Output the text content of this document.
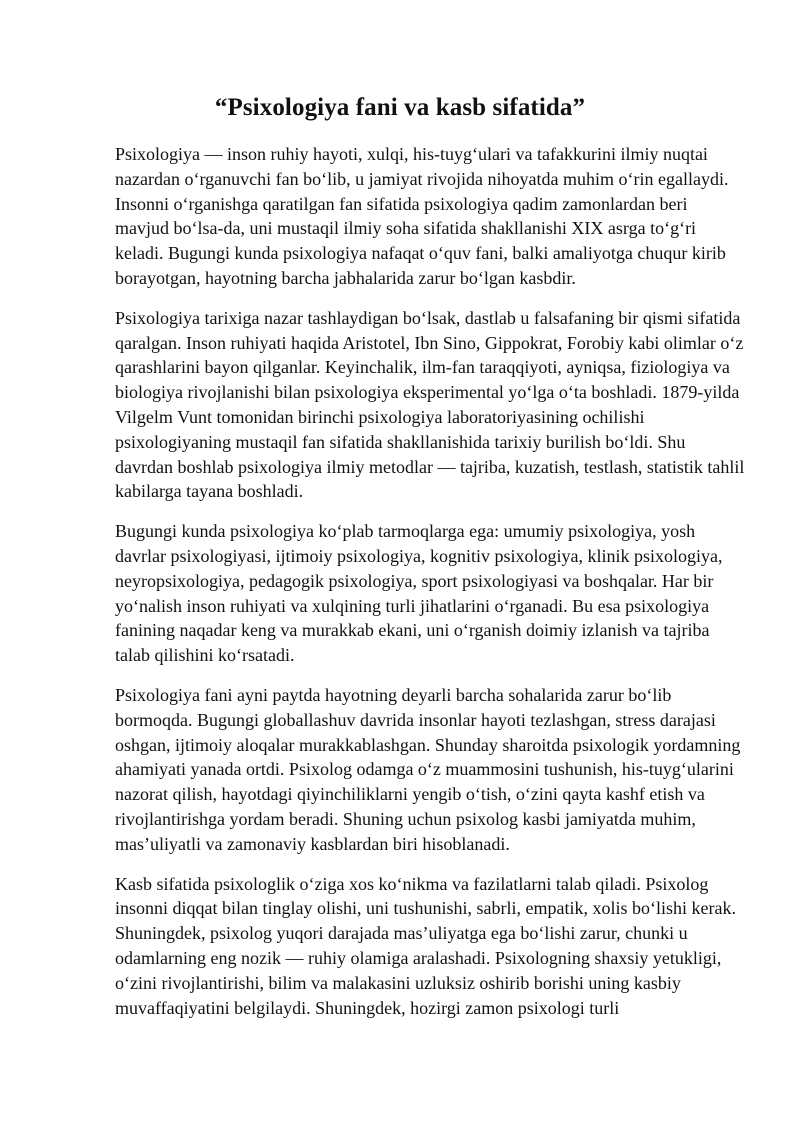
“Psixologiya fani va kasb sifatida”

Psixologiya — inson ruhiy hayoti, xulqi, his-tuyg‘ulari va tafakkurini ilmiy nuqtai nazardan o‘rganuvchi fan bo‘lib, u jamiyat rivojida nihoyatda muhim o‘rin egallaydi. Insonni o‘rganishga qaratilgan fan sifatida psixologiya qadim zamonlardan beri mavjud bo‘lsa-da, uni mustaqil ilmiy soha sifatida shakllanishi XIX asrga to‘g‘ri keladi. Bugungi kunda psixologiya nafaqat o‘quv fani, balki amaliyotga chuqur kirib borayotgan, hayotning barcha jabhalarida zarur bo‘lgan kasbdir.

Psixologiya tarixiga nazar tashlaydigan bo‘lsak, dastlab u falsafaning bir qismi sifatida qaralgan. Inson ruhiyati haqida Aristotel, Ibn Sino, Gippokrat, Forobiy kabi olimlar o‘z qarashlarini bayon qilganlar. Keyinchalik, ilm-fan taraqqiyoti, ayniqsa, fiziologiya va biologiya rivojlanishi bilan psixologiya eksperimental yo‘lga o‘ta boshladi. 1879-yilda Vilgelm Vunt tomonidan birinchi psixologiya laboratoriyasining ochilishi psixologiyaning mustaqil fan sifatida shakllanishida tarixiy burilish bo‘ldi. Shu davrdan boshlab psixologiya ilmiy metodlar — tajriba, kuzatish, testlash, statistik tahlil kabilarga tayana boshladi.

Bugungi kunda psixologiya ko‘plab tarmoqlarga ega: umumiy psixologiya, yosh davrlar psixologiyasi, ijtimoiy psixologiya, kognitiv psixologiya, klinik psixologiya, neyropsixologiya, pedagogik psixologiya, sport psixologiyasi va boshqalar. Har bir yo‘nalish inson ruhiyati va xulqining turli jihatlarini o‘rganadi. Bu esa psixologiya fanining naqadar keng va murakkab ekani, uni o‘rganish doimiy izlanish va tajriba talab qilishini ko‘rsatadi.

Psixologiya fani ayni paytda hayotning deyarli barcha sohalarida zarur bo‘lib bormoqda. Bugungi globallashuv davrida insonlar hayoti tezlashgan, stress darajasi oshgan, ijtimoiy aloqalar murakkablashgan. Shunday sharoitda psixologik yordamning ahamiyati yanada ortdi. Psixolog odamga o‘z muammosini tushunish, his-tuyg‘ularini nazorat qilish, hayotdagi qiyinchiliklarni yengib o‘tish, o‘zini qayta kashf etish va rivojlantirishga yordam beradi. Shuning uchun psixolog kasbi jamiyatda muhim, mas’uliyatli va zamonaviy kasblardan biri hisoblanadi.

Kasb sifatida psixologlik o‘ziga xos ko‘nikma va fazilatlarni talab qiladi. Psixolog insonni diqqat bilan tinglay olishi, uni tushunishi, sabrli, empatik, xolis bo‘lishi kerak. Shuningdek, psixolog yuqori darajada mas’uliyatga ega bo‘lishi zarur, chunki u odamlarning eng nozik — ruhiy olamiga aralashadi. Psixologning shaxsiy yetukligi, o‘zini rivojlantirishi, bilim va malakasini uzluksiz oshirib borishi uning kasbiy muvaffaqiyatini belgilaydi. Shuningdek, hozirgi zamon psixologi turli
